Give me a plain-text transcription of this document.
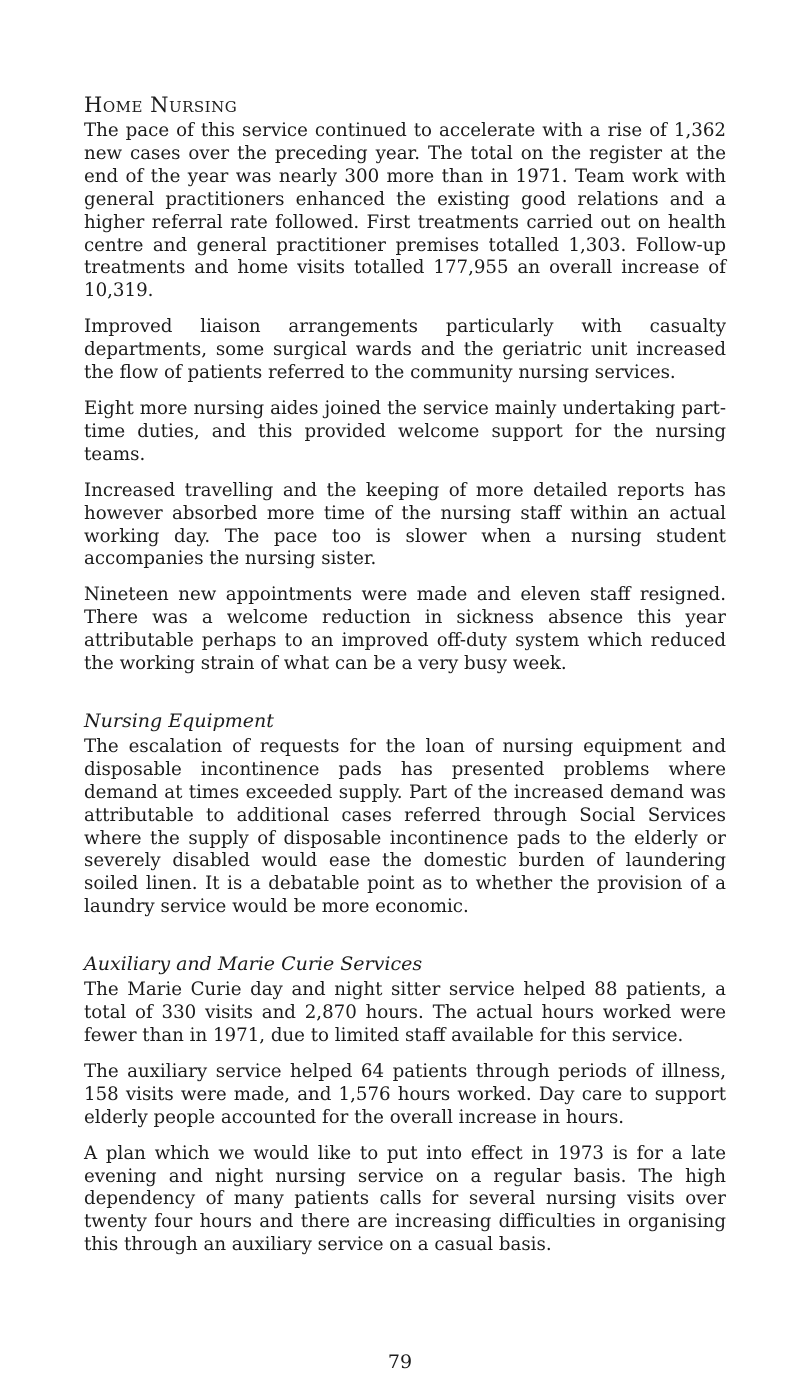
Home Nursing

The pace of this service continued to accelerate with a rise of 1,362 new cases over the preceding year. The total on the register at the end of the year was nearly 300 more than in 1971. Team work with general practitioners enhanced the existing good relations and a higher referral rate followed. First treatments carried out on health centre and general practitioner premises totalled 1,303. Follow-up treatments and home visits totalled 177,955 an overall increase of 10,319.

Improved liaison arrangements particularly with casualty departments, some surgical wards and the geriatric unit increased the flow of patients referred to the community nursing services.

Eight more nursing aides joined the service mainly undertaking part-time duties, and this provided welcome support for the nursing teams.

Increased travelling and the keeping of more detailed reports has however absorbed more time of the nursing staff within an actual working day. The pace too is slower when a nursing student accompanies the nursing sister.

Nineteen new appointments were made and eleven staff resigned. There was a welcome reduction in sickness absence this year attributable perhaps to an improved off-duty system which reduced the working strain of what can be a very busy week.

Nursing Equipment

The escalation of requests for the loan of nursing equipment and disposable incontinence pads has presented problems where demand at times exceeded supply. Part of the increased demand was attributable to additional cases referred through Social Services where the supply of disposable incontinence pads to the elderly or severely disabled would ease the domestic burden of laundering soiled linen. It is a debatable point as to whether the provision of a laundry service would be more economic.

Auxiliary and Marie Curie Services

The Marie Curie day and night sitter service helped 88 patients, a total of 330 visits and 2,870 hours. The actual hours worked were fewer than in 1971, due to limited staff available for this service.

The auxiliary service helped 64 patients through periods of illness, 158 visits were made, and 1,576 hours worked. Day care to support elderly people accounted for the overall increase in hours.

A plan which we would like to put into effect in 1973 is for a late evening and night nursing service on a regular basis. The high dependency of many patients calls for several nursing visits over twenty four hours and there are increasing difficulties in organising this through an auxiliary service on a casual basis.

79
